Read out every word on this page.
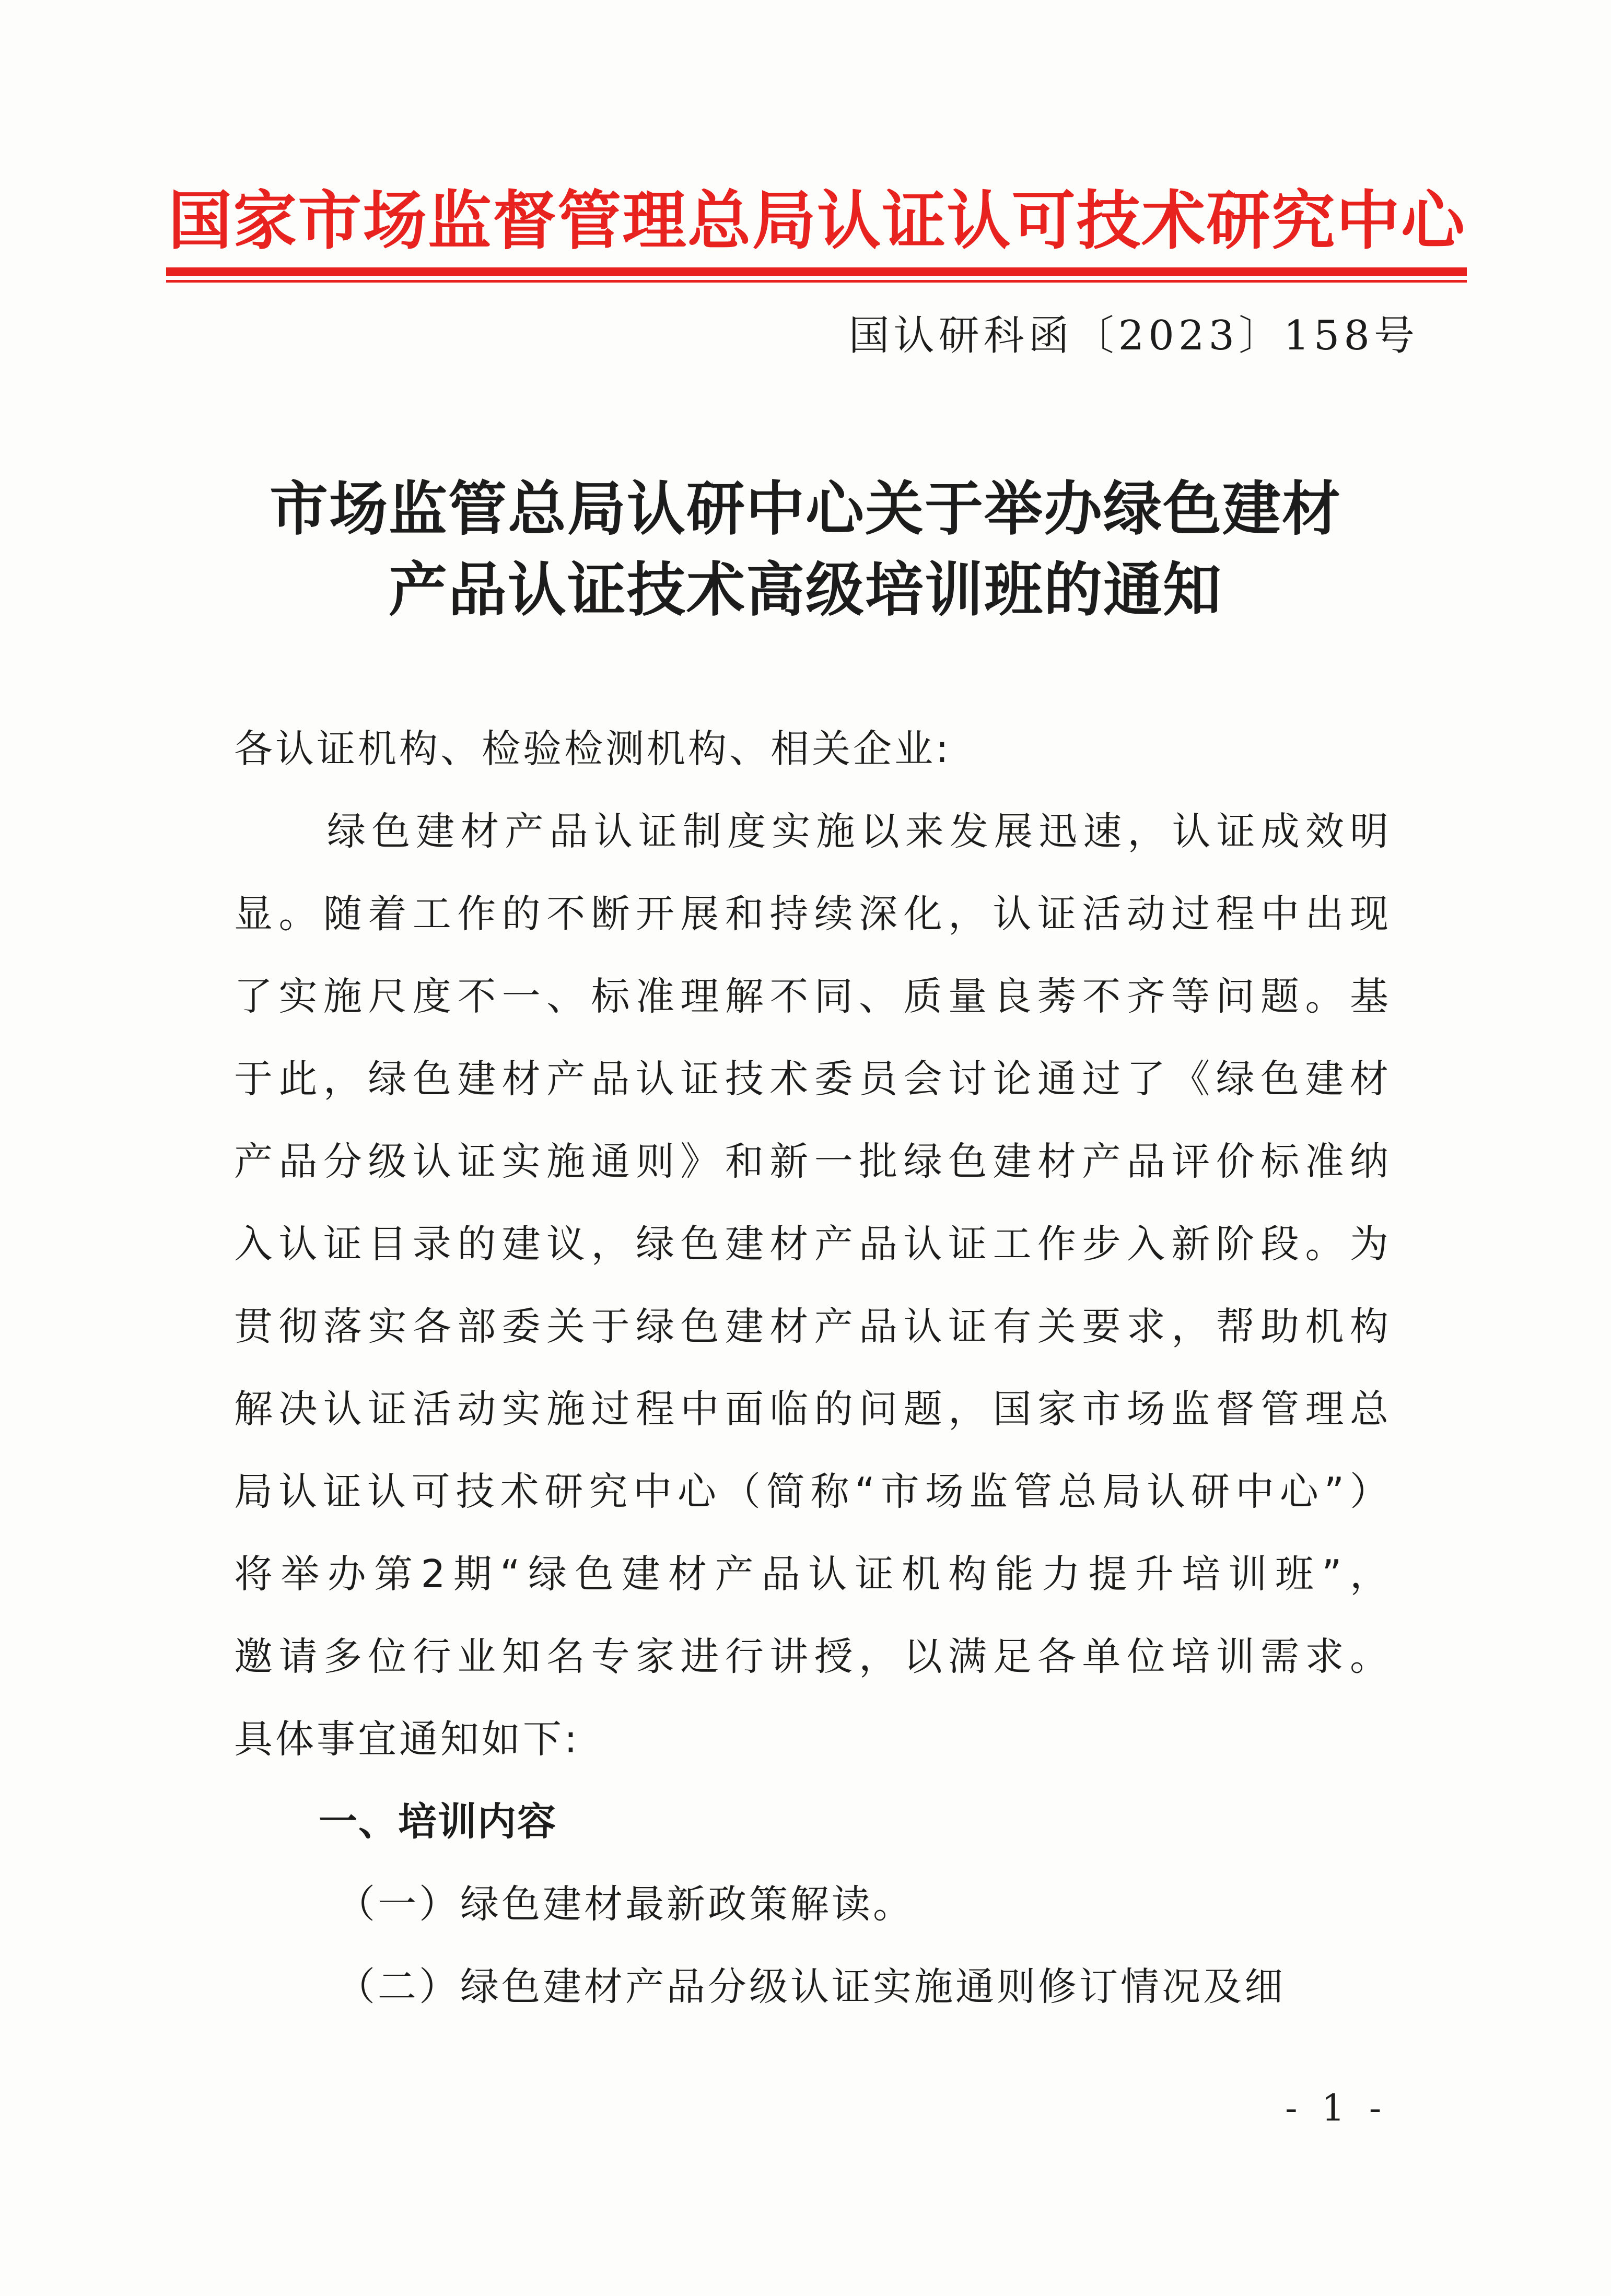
国家市场监督管理总局认证认可技术研究中心
国认研科函〔2023〕158号
市场监管总局认研中心关于举办绿色建材
产品认证技术高级培训班的通知
各认证机构、检验检测机构、相关企业:
绿色建材产品认证制度实施以来发展迅速，认证成效明
显。随着工作的不断开展和持续深化，认证活动过程中出现
了实施尺度不一、标准理解不同、质量良莠不齐等问题。基
于此，绿色建材产品认证技术委员会讨论通过了《绿色建材
产品分级认证实施通则》和新一批绿色建材产品评价标准纳
入认证目录的建议，绿色建材产品认证工作步入新阶段。为
贯彻落实各部委关于绿色建材产品认证有关要求，帮助机构
解决认证活动实施过程中面临的问题，国家市场监督管理总
局认证认可技术研究中心（简称“市场监管总局认研中心”）
将举办第2期“绿色建材产品认证机构能力提升培训班”，
邀请多位行业知名专家进行讲授，以满足各单位培训需求。
具体事宜通知如下:
一、培训内容
（一）绿色建材最新政策解读。
（二）绿色建材产品分级认证实施通则修订情况及细
- 1 -
